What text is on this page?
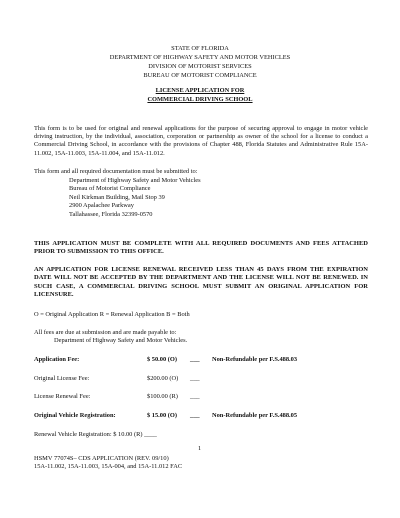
STATE OF FLORIDA
DEPARTMENT OF HIGHWAY SAFETY AND MOTOR VEHICLES
DIVISION OF MOTORIST SERVICES
BUREAU OF MOTORIST COMPLIANCE
LICENSE APPLICATION FOR
COMMERCIAL DRIVING SCHOOL
This form is to be used for original and renewal applications for the purpose of securing approval to engage in motor vehicle driving instruction, by the individual, association, corporation or partnership as owner of the school for a license to conduct a Commercial Driving School, in accordance with the provisions of Chapter 488, Florida Statutes and Administrative Rule 15A-11.002, 15A-11.003, 15A-11.004, and 15A-11.012.
This form and all required documentation must be submitted to:
Department of Highway Safety and Motor Vehicles
Bureau of Motorist Compliance
Neil Kirkman Building, Mail Stop 39
2900 Apalachee Parkway
Tallahassee, Florida 32399-0570
THIS APPLICATION MUST BE COMPLETE WITH ALL REQUIRED DOCUMENTS AND FEES ATTACHED PRIOR TO SUBMISSION TO THIS OFFICE.
AN APPLICATION FOR LICENSE RENEWAL RECEIVED LESS THAN 45 DAYS FROM THE EXPIRATION DATE WILL NOT BE ACCEPTED BY THE DEPARTMENT AND THE LICENSE WILL NOT BE RENEWED. IN SUCH CASE, A COMMERCIAL DRIVING SCHOOL MUST SUBMIT AN ORIGINAL APPLICATION FOR LICENSURE.
O = Original Application R = Renewal Application B = Both
All fees are due at submission and are made payable to:
Department of Highway Safety and Motor Vehicles.
Application Fee:	$ 50.00 (O) ___ Non-Refundable per F.S.488.03
Original License Fee:	$200.00 (O) ___
License Renewal Fee:	$100.00 (R) ___
Original Vehicle Registration:	$ 15.00 (O) ___ Non-Refundable per F.S.488.05
Renewal Vehicle Registration: $ 10.00 (R) ____
1
HSMV 77074S– CDS APPLICATION (REV. 09/10)
15A-11.002, 15A-11.003, 15A-004, and 15A-11.012 FAC
